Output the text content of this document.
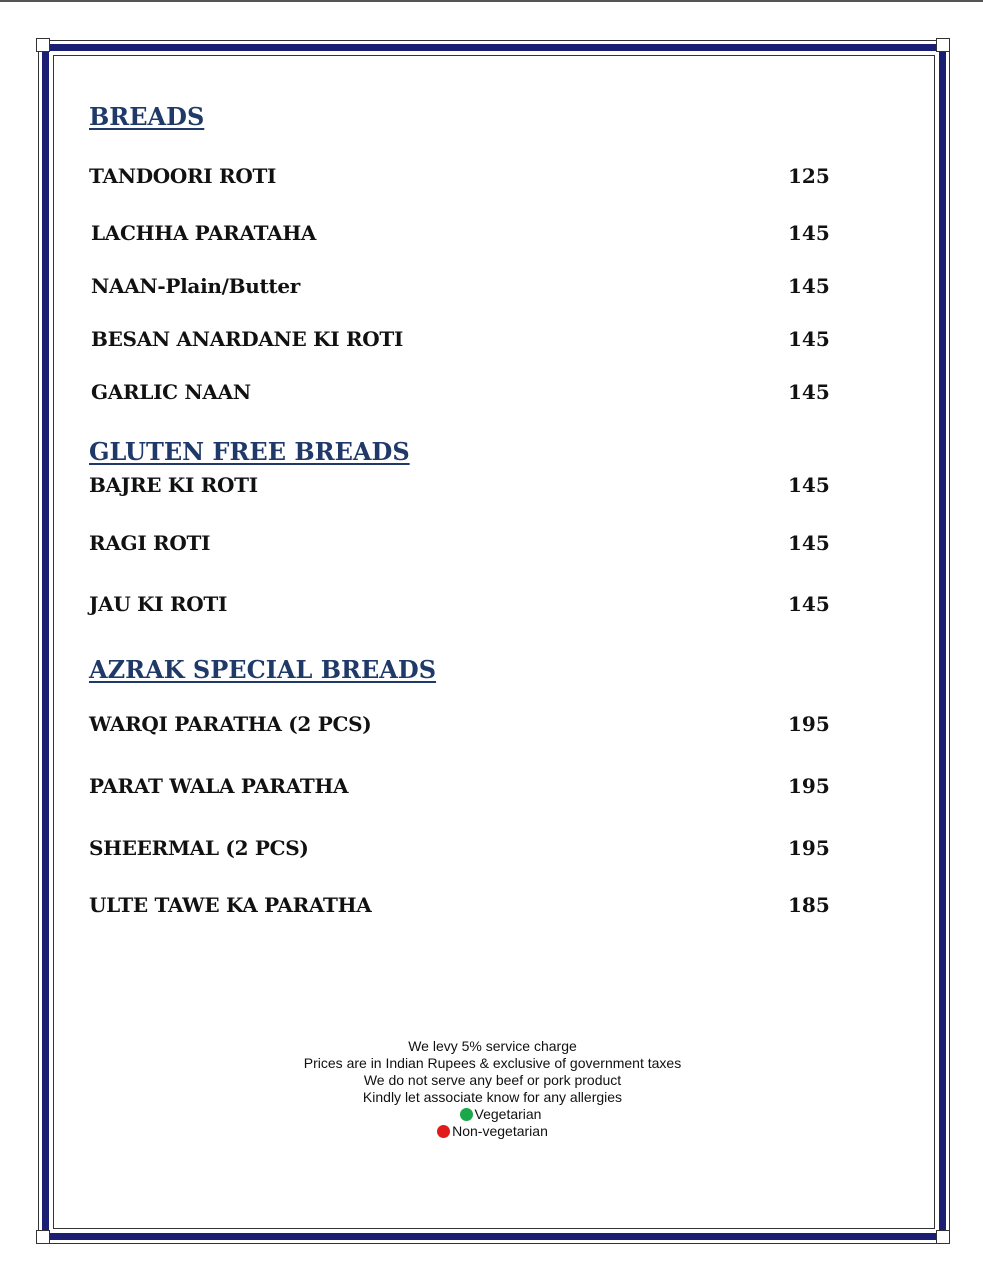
BREADS
TANDOORI ROTI	125
LACHHA PARATAHA	145
NAAN-Plain/Butter	145
BESAN ANARDANE KI ROTI	145
GARLIC NAAN	145
GLUTEN FREE BREADS
BAJRE KI ROTI	145
RAGI ROTI	145
JAU KI ROTI	145
AZRAK SPECIAL BREADS
WARQI PARATHA (2 PCS)	195
PARAT WALA PARATHA	195
SHEERMAL (2 PCS)	195
ULTE TAWE KA PARATHA	185
We levy 5% service charge
Prices are in Indian Rupees & exclusive of government taxes
We do not serve any beef or pork product
Kindly let associate know for any allergies
Vegetarian
Non-vegetarian
